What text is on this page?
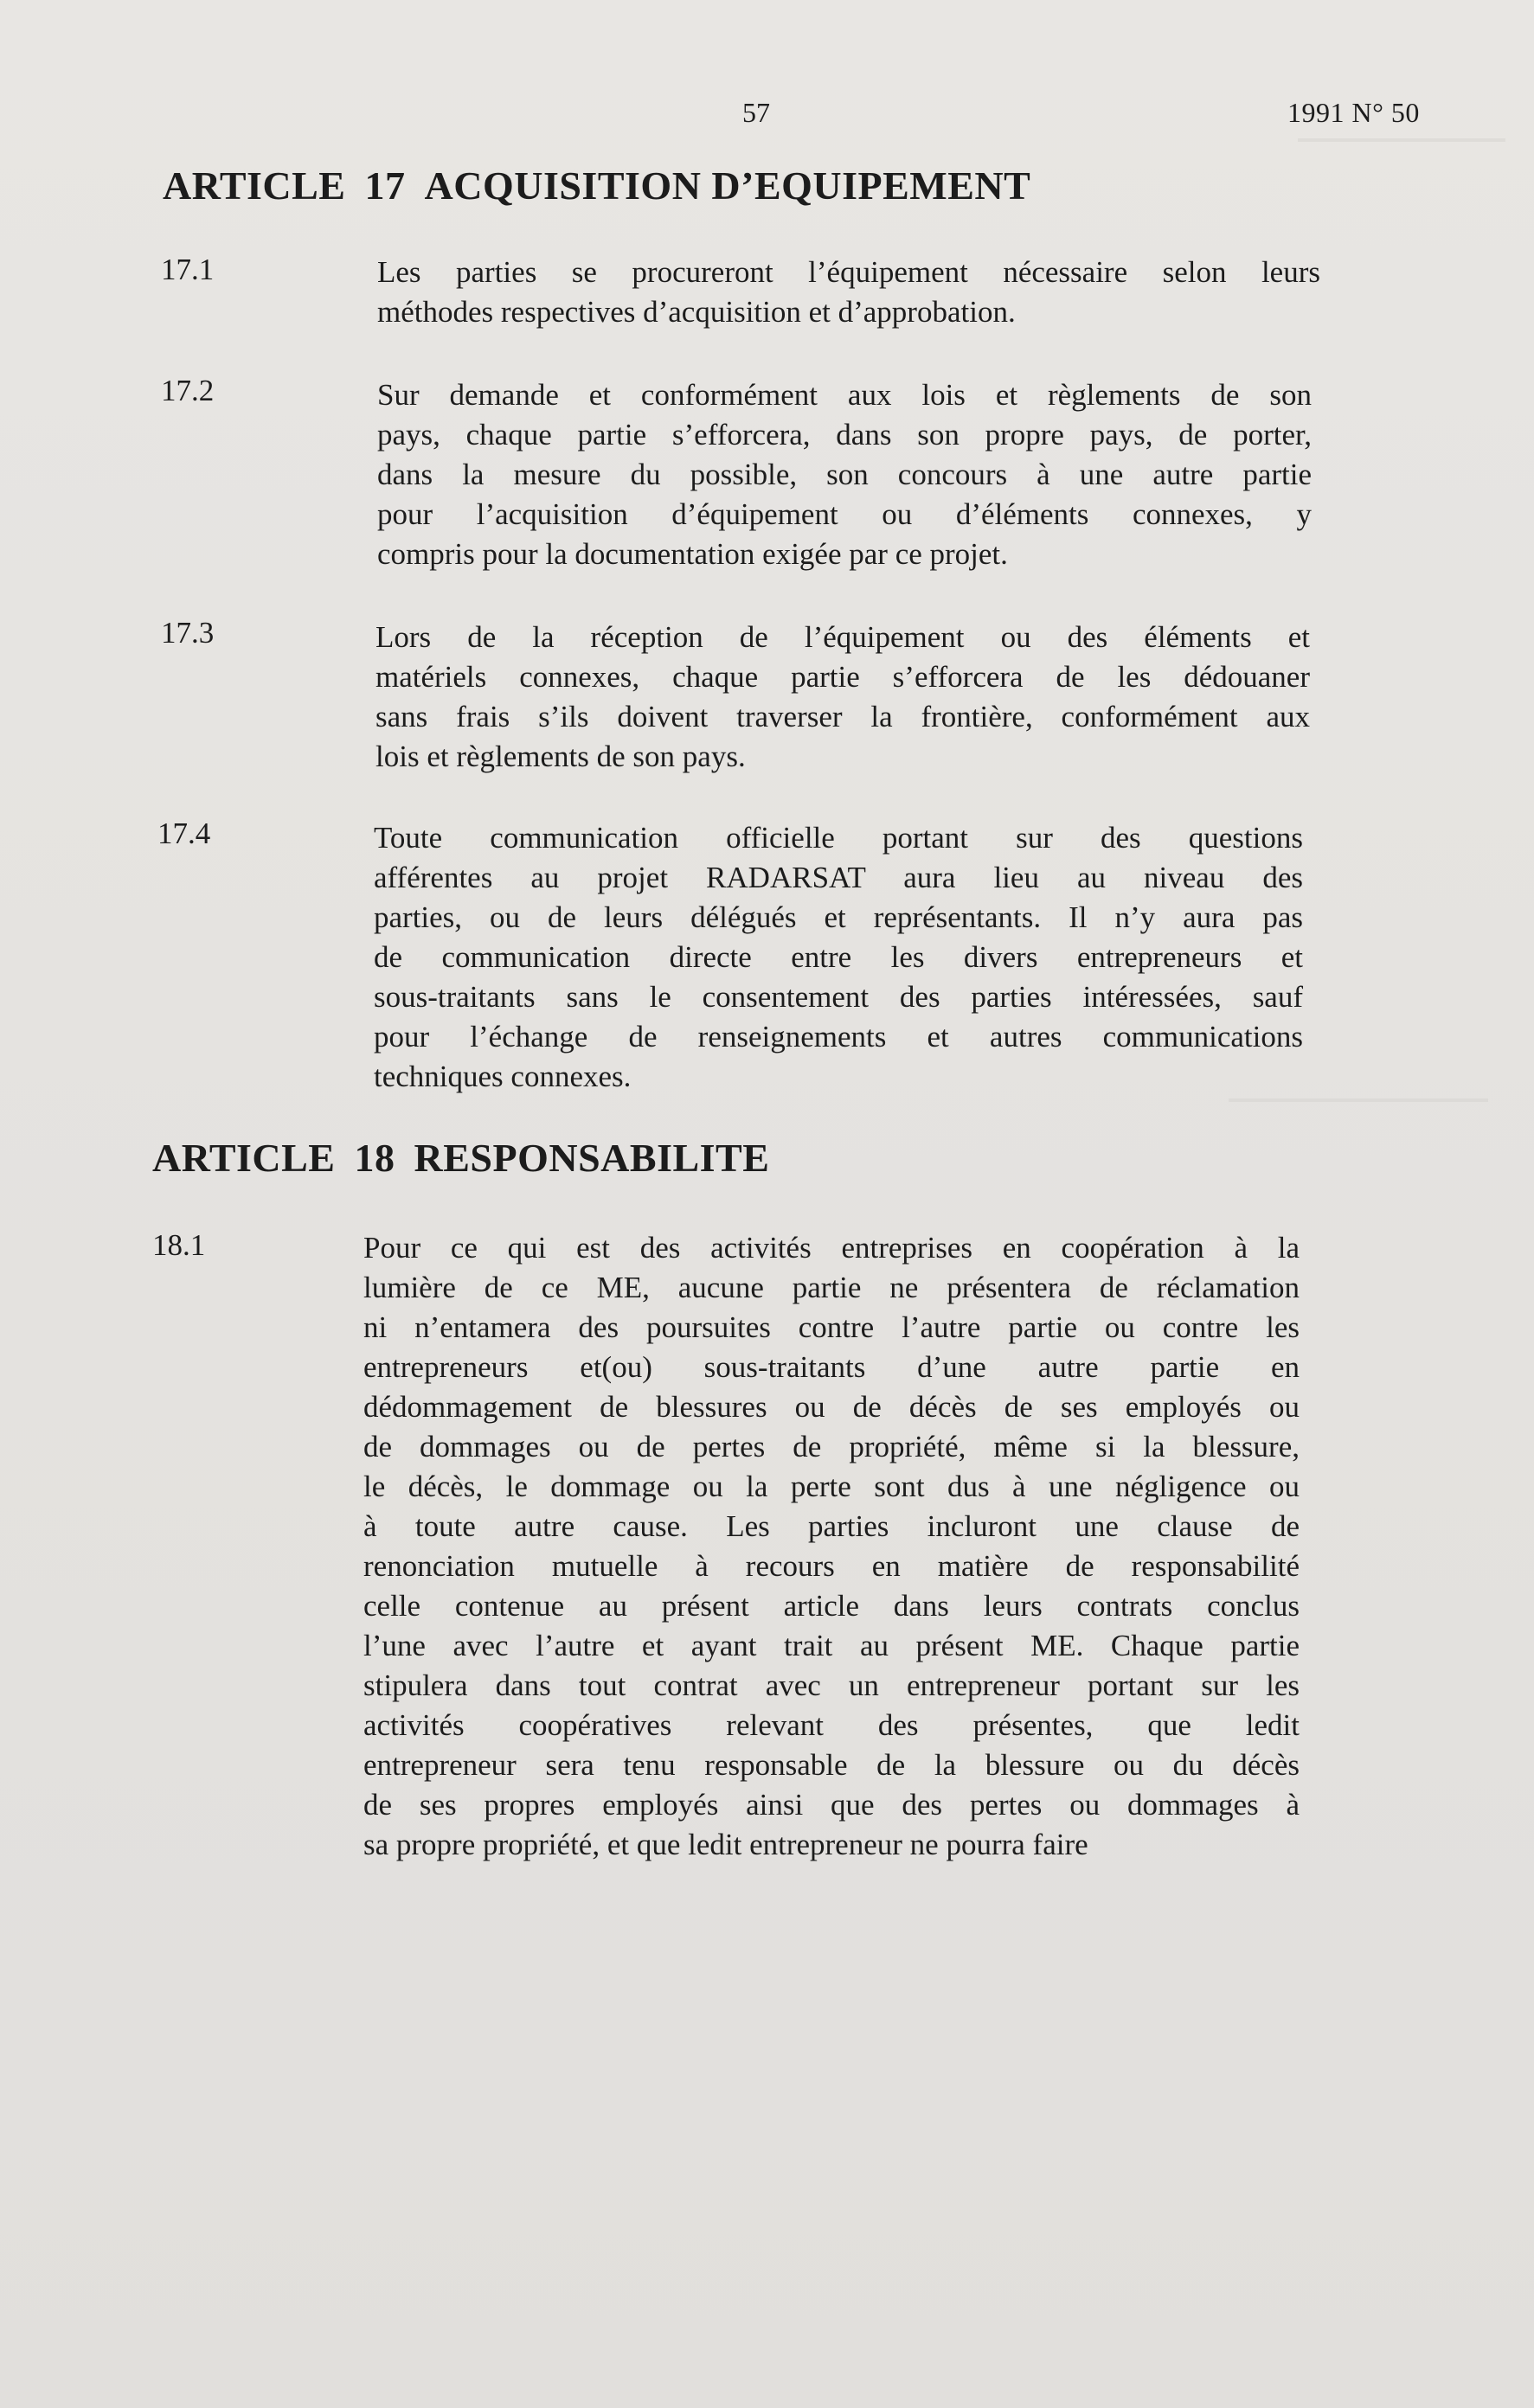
57	1991 N° 50
ARTICLE 17 ACQUISITION D’EQUIPEMENT
17.1	Les parties se procureront l’équipement nécessaire selon leurs
méthodes respectives d’acquisition et d’approbation.
17.2	Sur demande et conformément aux lois et règlements de son
pays, chaque partie s’efforcera, dans son propre pays, de porter,
dans la mesure du possible, son concours à une autre partie
pour l’acquisition d’équipement ou d’éléments connexes, y
compris pour la documentation exigée par ce projet.
17.3	Lors de la réception de l’équipement ou des éléments et
matériels connexes, chaque partie s’efforcera de les dédouaner
sans frais s’ils doivent traverser la frontière, conformément aux
lois et règlements de son pays.
17.4	Toute communication officielle portant sur des questions
afférentes au projet RADARSAT aura lieu au niveau des
parties, ou de leurs délégués et représentants. Il n’y aura pas
de communication directe entre les divers entrepreneurs et
sous-traitants sans le consentement des parties intéressées, sauf
pour l’échange de renseignements et autres communications
techniques connexes.
ARTICLE 18 RESPONSABILITE
18.1	Pour ce qui est des activités entreprises en coopération à la
lumière de ce ME, aucune partie ne présentera de réclamation
ni n’entamera des poursuites contre l’autre partie ou contre les
entrepreneurs et(ou) sous-traitants d’une autre partie en
dédommagement de blessures ou de décès de ses employés ou
de dommages ou de pertes de propriété, même si la blessure,
le décès, le dommage ou la perte sont dus à une négligence ou
à toute autre cause. Les parties incluront une clause de
renonciation mutuelle à recours en matière de responsabilité
celle contenue au présent article dans leurs contrats conclus
l’une avec l’autre et ayant trait au présent ME. Chaque partie
stipulera dans tout contrat avec un entrepreneur portant sur les
activités coopératives relevant des présentes, que ledit
entrepreneur sera tenu responsable de la blessure ou du décès
de ses propres employés ainsi que des pertes ou dommages à
sa propre propriété, et que ledit entrepreneur ne pourra faire
